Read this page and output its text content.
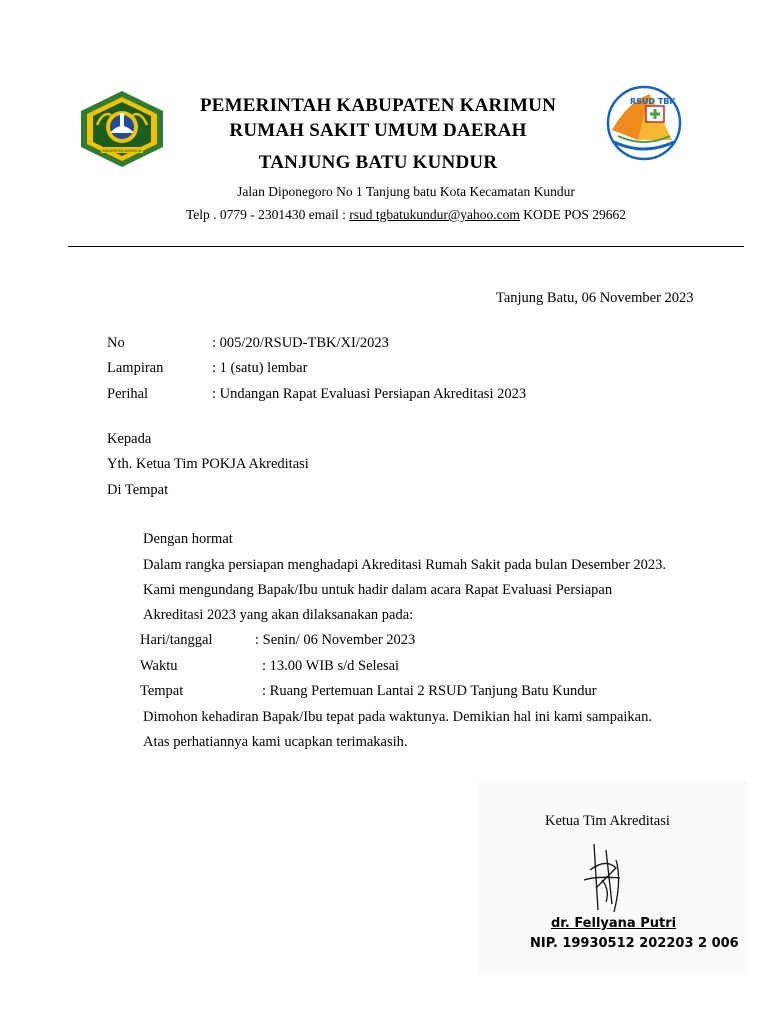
KABUPATEN KARIMUN
PEMERINTAH KABUPATEN KARIMUN
RUMAH SAKIT UMUM DAERAH
TANJUNG BATU KUNDUR
RSUD TBK
Jalan Diponegoro No 1 Tanjung batu Kota Kecamatan Kundur
Telp . 0779 - 2301430 email : rsud tgbatukundur@yahoo.com KODE POS 29662
Tanjung Batu, 06 November 2023
No	: 005/20/RSUD-TBK/XI/2023
Lampiran	: 1 (satu) lembar
Perihal	: Undangan Rapat Evaluasi Persiapan Akreditasi 2023
Kepada
Yth. Ketua Tim POKJA Akreditasi
Di Tempat
Dengan hormat
Dalam rangka persiapan menghadapi Akreditasi Rumah Sakit pada bulan Desember 2023.
Kami mengundang Bapak/Ibu untuk hadir dalam acara Rapat Evaluasi Persiapan
Akreditasi 2023 yang akan dilaksanakan pada:
Hari/tanggal	: Senin/ 06 November 2023
Waktu	: 13.00 WIB s/d Selesai
Tempat	: Ruang Pertemuan Lantai 2 RSUD Tanjung Batu Kundur
Dimohon kehadiran Bapak/Ibu tepat pada waktunya. Demikian hal ini kami sampaikan.
Atas perhatiannya kami ucapkan terimakasih.
Ketua Tim Akreditasi
dr. Fellyana Putri
NIP. 19930512 202203 2 006
